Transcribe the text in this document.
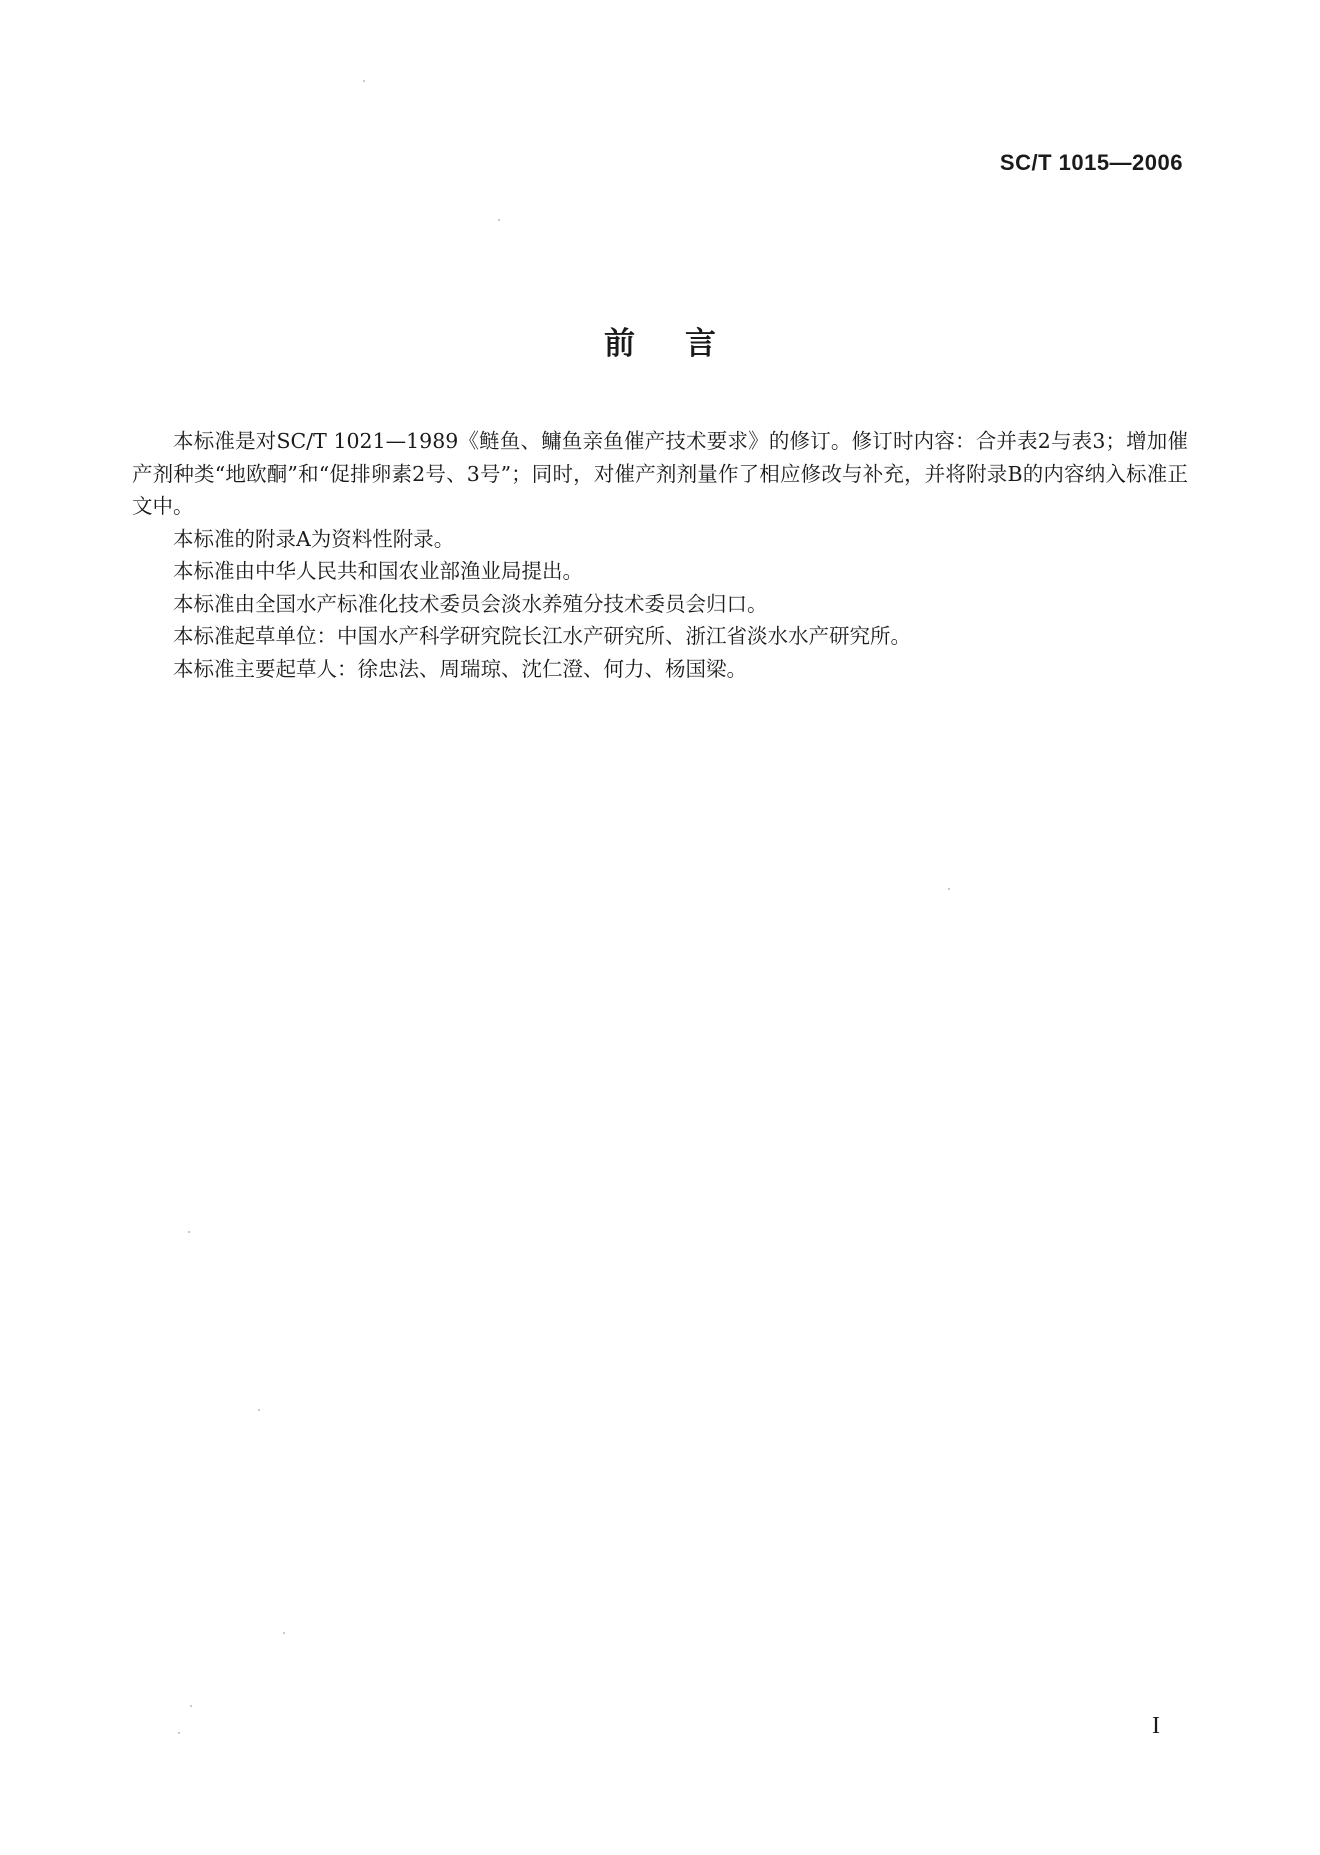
SC/T 1015—2006
前言

本标准是对SC/T 1021—1989《鲢鱼、鳙鱼亲鱼催产技术要求》的修订。修订时内容：合并表2与表3；增加催产剂种类“地欧酮”和“促排卵素2号、3号”；同时，对催产剂剂量作了相应修改与补充，并将附录B的内容纳入标准正文中。

本标准的附录A为资料性附录。

本标准由中华人民共和国农业部渔业局提出。

本标准由全国水产标准化技术委员会淡水养殖分技术委员会归口。

本标准起草单位：中国水产科学研究院长江水产研究所、浙江省淡水水产研究所。

本标准主要起草人：徐忠法、周瑞琼、沈仁澄、何力、杨国梁。

I
